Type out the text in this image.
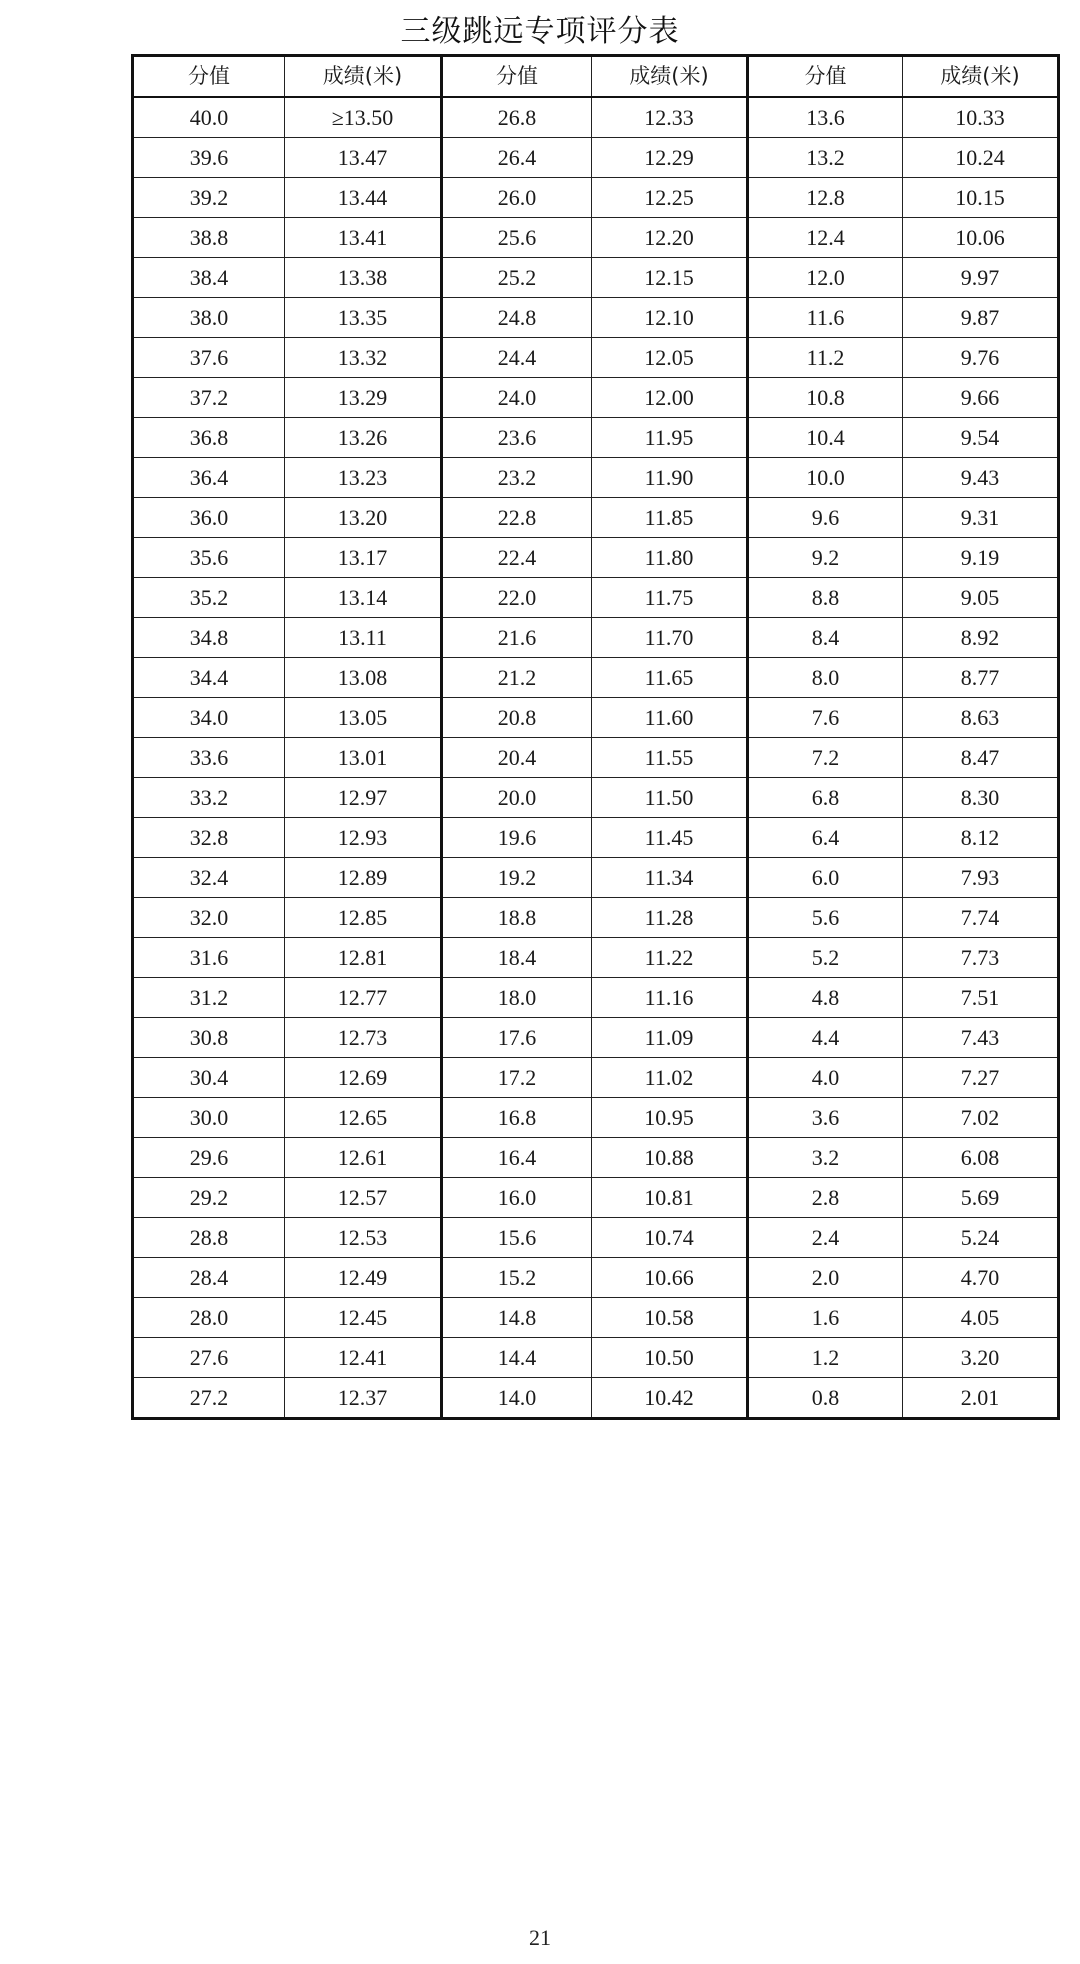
三级跳远专项评分表
分值	成绩(米)	分值	成绩(米)	分值	成绩(米)
40.0	≥13.50	26.8	12.33	13.6	10.33
39.6	13.47	26.4	12.29	13.2	10.24
39.2	13.44	26.0	12.25	12.8	10.15
38.8	13.41	25.6	12.20	12.4	10.06
38.4	13.38	25.2	12.15	12.0	9.97
38.0	13.35	24.8	12.10	11.6	9.87
37.6	13.32	24.4	12.05	11.2	9.76
37.2	13.29	24.0	12.00	10.8	9.66
36.8	13.26	23.6	11.95	10.4	9.54
36.4	13.23	23.2	11.90	10.0	9.43
36.0	13.20	22.8	11.85	9.6	9.31
35.6	13.17	22.4	11.80	9.2	9.19
35.2	13.14	22.0	11.75	8.8	9.05
34.8	13.11	21.6	11.70	8.4	8.92
34.4	13.08	21.2	11.65	8.0	8.77
34.0	13.05	20.8	11.60	7.6	8.63
33.6	13.01	20.4	11.55	7.2	8.47
33.2	12.97	20.0	11.50	6.8	8.30
32.8	12.93	19.6	11.45	6.4	8.12
32.4	12.89	19.2	11.34	6.0	7.93
32.0	12.85	18.8	11.28	5.6	7.74
31.6	12.81	18.4	11.22	5.2	7.73
31.2	12.77	18.0	11.16	4.8	7.51
30.8	12.73	17.6	11.09	4.4	7.43
30.4	12.69	17.2	11.02	4.0	7.27
30.0	12.65	16.8	10.95	3.6	7.02
29.6	12.61	16.4	10.88	3.2	6.08
29.2	12.57	16.0	10.81	2.8	5.69
28.8	12.53	15.6	10.74	2.4	5.24
28.4	12.49	15.2	10.66	2.0	4.70
28.0	12.45	14.8	10.58	1.6	4.05
27.6	12.41	14.4	10.50	1.2	3.20
27.2	12.37	14.0	10.42	0.8	2.01
21
